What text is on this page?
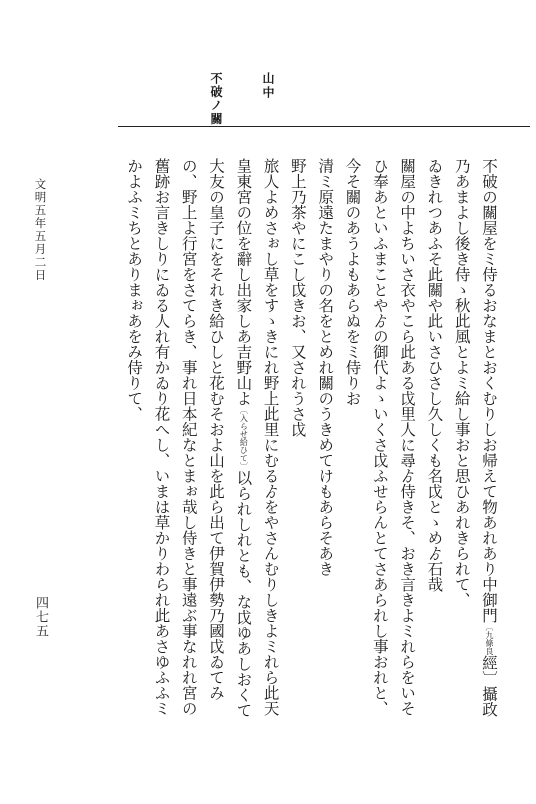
四七五
文明五年五月二日
山中
不破ノ關
不破の關屋をミ侍るおなまとおくむりしお帰えて物あれあり中御門〔九條良經〕攝政乃あまよし後き侍ゝ秋此風とよミ給し事おと思ひあれきられて、
ゐきれつあふそ此關や此いさひさし久しくも名戉とゝめゟ石哉
關屋の中よちいさ衣やこら此ある戉里人に尋ゟ侍きそ、おき言きよミれらをいそひ奉あといふまことやゟの御代よゝいくさ戉ふせらんとてさあられし事おれと、今そ關のあうよもあらぬをミ侍りお
清ミ原遠たまやりの名をとめれ關のうきめてけもあらそあき
野上乃茶やにこし戉きお、又されうさ戉
旅人よめさぉし草をすゝきにれ野上此里にむるゟをやさんむりしきよミれら此天皇東宮の位を辭し出家しあ吉野山よ〔入らせ給ひて〕以られしれとも、な戉ゆあしおくて大友の皇子にをそれき給ひしと花むそおよ山を此ら出て伊賀伊勢乃國戉ゐてみの、野上よ行宮をさてらき、事れ日本紀なとまぉ哉し侍きと事遠ぶ事なれれ宮の舊跡お言きしりにゐる人れ有かゐり花へし、いまは草かりわられ此あさゆふふミかよふミちとありまぉあをみ侍りて、
